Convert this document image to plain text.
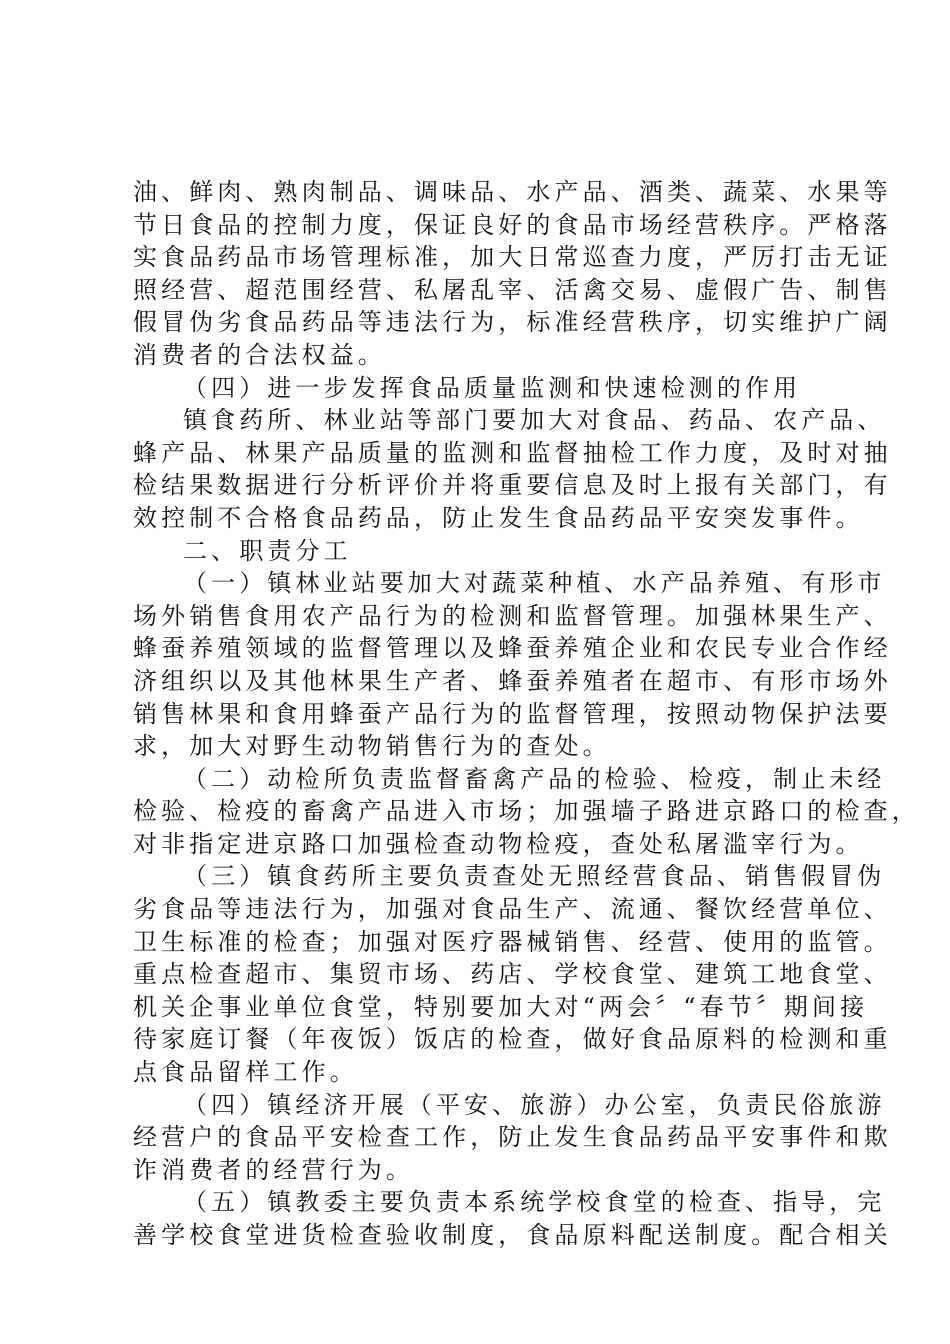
油、鲜肉、熟肉制品、调味品、水产品、酒类、蔬菜、水果等
节日食品的控制力度，保证良好的食品市场经营秩序。严格落
实食品药品市场管理标准，加大日常巡查力度，严厉打击无证
照经营、超范围经营、私屠乱宰、活禽交易、虚假广告、制售
假冒伪劣食品药品等违法行为，标准经营秩序，切实维护广阔
消费者的合法权益。
（四）进一步发挥食品质量监测和快速检测的作用
镇食药所、林业站等部门要加大对食品、药品、农产品、
蜂产品、林果产品质量的监测和监督抽检工作力度，及时对抽
检结果数据进行分析评价并将重要信息及时上报有关部门，有
效控制不合格食品药品，防止发生食品药品平安突发事件。
二、职责分工
（一）镇林业站要加大对蔬菜种植、水产品养殖、有形市
场外销售食用农产品行为的检测和监督管理。加强林果生产、
蜂蚕养殖领域的监督管理以及蜂蚕养殖企业和农民专业合作经
济组织以及其他林果生产者、蜂蚕养殖者在超市、有形市场外
销售林果和食用蜂蚕产品行为的监督管理，按照动物保护法要
求，加大对野生动物销售行为的查处。
（二）动检所负责监督畜禽产品的检验、检疫，制止未经
检验、检疫的畜禽产品进入市场；加强墙子路进京路口的检查，
对非指定进京路口加强检查动物检疫，查处私屠滥宰行为。
（三）镇食药所主要负责查处无照经营食品、销售假冒伪
劣食品等违法行为，加强对食品生产、流通、餐饮经营单位、
卫生标准的检查；加强对医疗器械销售、经营、使用的监管。
重点检查超市、集贸市场、药店、学校食堂、建筑工地食堂、
机关企事业单位食堂，特别要加大对“两会〞“春节〞期间接
待家庭订餐（年夜饭）饭店的检查，做好食品原料的检测和重
点食品留样工作。
（四）镇经济开展（平安、旅游）办公室，负责民俗旅游
经营户的食品平安检查工作，防止发生食品药品平安事件和欺
诈消费者的经营行为。
（五）镇教委主要负责本系统学校食堂的检查、指导，完
善学校食堂进货检查验收制度，食品原料配送制度。配合相关
